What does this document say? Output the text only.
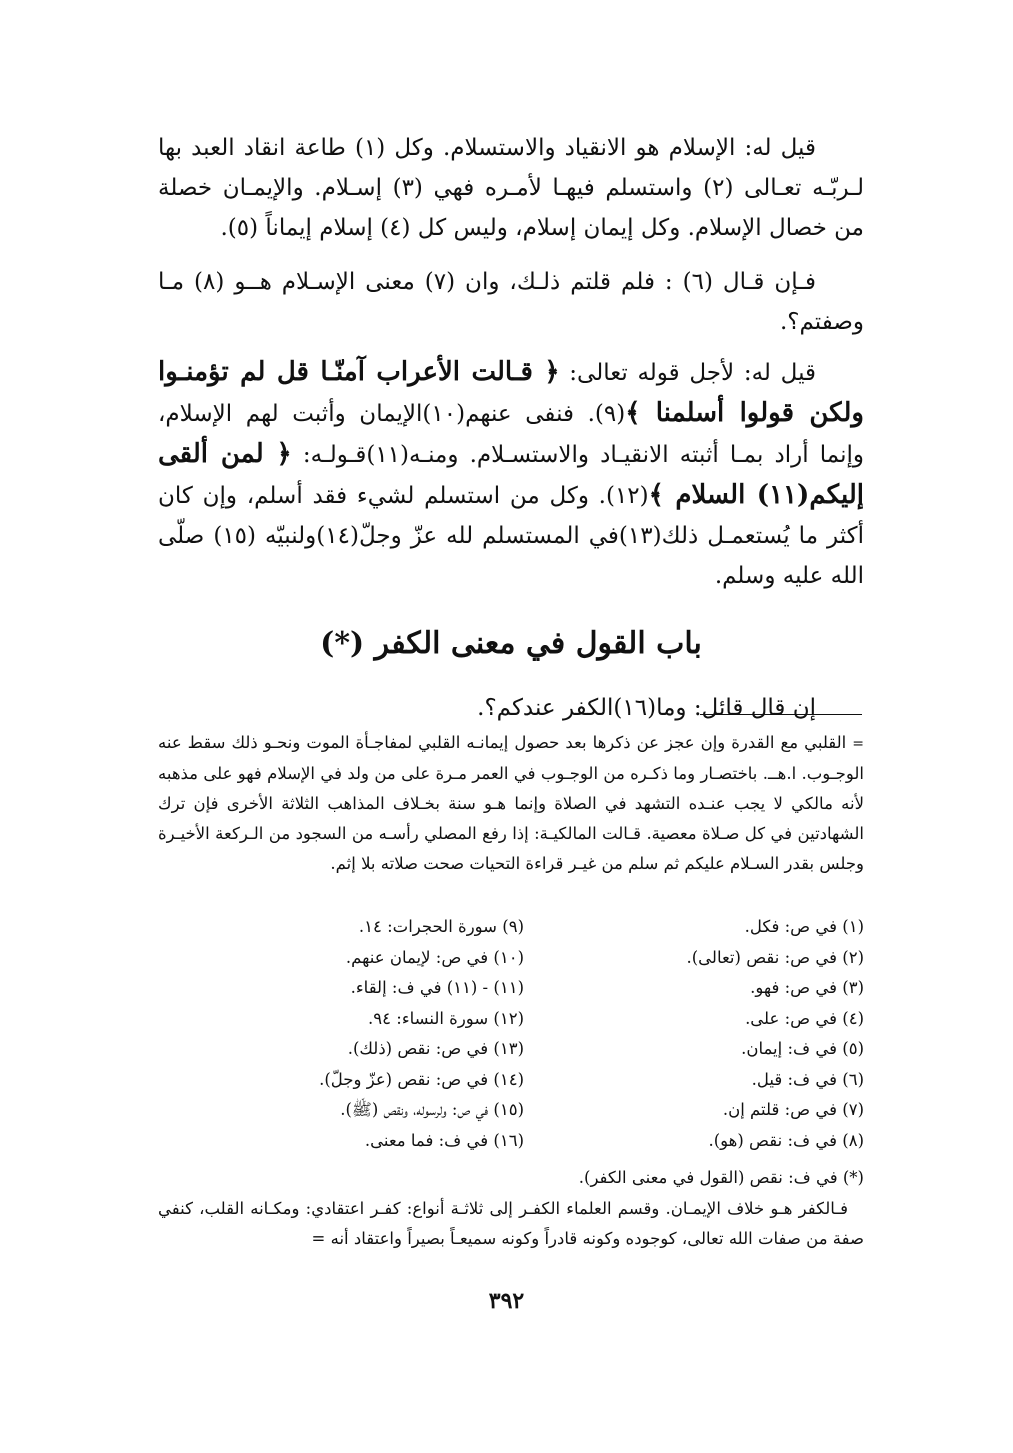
قيل له: الإسلام هو الانقياد والاستسلام. وكل (١) طاعة انقاد العبد بها لـربّـه تعـالى (٢) واستسلم فيهـا لأمـره فهي (٣) إسـلام. والإيمـان خصلة من خصال الإسلام. وكل إيمان إسلام، وليس كل (٤) إسلام إيماناً (٥).

فـإن قـال (٦) : فلم قلتم ذلـك، وان (٧) معنى الإسـلام هــو (٨) مـا وصفتم؟.

قيل له: لأجل قوله تعالى: ﴿ قـالت الأعراب آمنّـا قل لم تؤمنـوا ولكن قولوا أسلمنا ﴾(٩). فنفى عنهم(١٠)الإيمان وأثبت لهم الإسلام، وإنما أراد بمـا أثبته الانقيـاد والاستسـلام. ومنـه(١١)قـولـه: ﴿ لمن ألقى إليكم(١١) السلام ﴾(١٢). وكل من استسلم لشيء فقد أسلم، وإن كان أكثر ما يُستعمـل ذلك(١٣)في المستسلم لله عزّ وجلّ(١٤)ولنبيّه (١٥) صلّى الله عليه وسلم.

باب القول في معنى الكفر (*)

إن قال قائل: وما(١٦)الكفر عندكم؟.

=القلبي مع القدرة وإن عجز عن ذكرها بعد حصول إيمانـه القلبي لمفاجـأة الموت ونحـو ذلك سقط عنه الوجـوب. ا.هــ. باختصـار وما ذكـره من الوجـوب في العمر مـرة على من ولد في الإسلام فهو على مذهبه لأنه مالكي لا يجب عنـده التشهد في الصلاة وإنما هـو سنة بخـلاف المذاهب الثلاثة الأخرى فإن ترك الشهادتين في كل صـلاة معصية. قـالت المالكيـة: إذا رفع المصلي رأسـه من السجود من الـركعة الأخيـرة وجلس بقدر السـلام عليكم ثم سلم من غيـر قراءة التحيات صحت صلاته بلا إثم.
(١) في ص: فكل.
(٢) في ص: نقص (تعالى).
(٣) في ص: فهو.
(٤) في ص: على.
(٥) في ف: إيمان.
(٦) في ف: قيل.
(٧) في ص: قلتم إن.
(٨) في ف: نقص (هو).
(٩) سورة الحجرات: ١٤.
(١٠) في ص: لإيمان عنهم.
(١١) - (١١) في ف: إلقاء.
(١٢) سورة النساء: ٩٤.
(١٣) في ص: نقص (ذلك).
(١٤) في ص: نقص (عزّ وجلّ).
(١٥) في ص: ولرسوله، ونقص (ﷺ).
(١٦) في ف: فما معنى.
(*) في ف: نقص (القول في معنى الكفر).
فـالكفر هـو خلاف الإيمـان. وقسم العلماء الكفـر إلى ثلاثـة أنواع: كفـر اعتقادي: ومكـانه القلب، كنفي صفة من صفات الله تعالى، كوجوده وكونه قادراً وكونه سميعـاً بصيراً واعتقاد أنه =
٣٩٢
